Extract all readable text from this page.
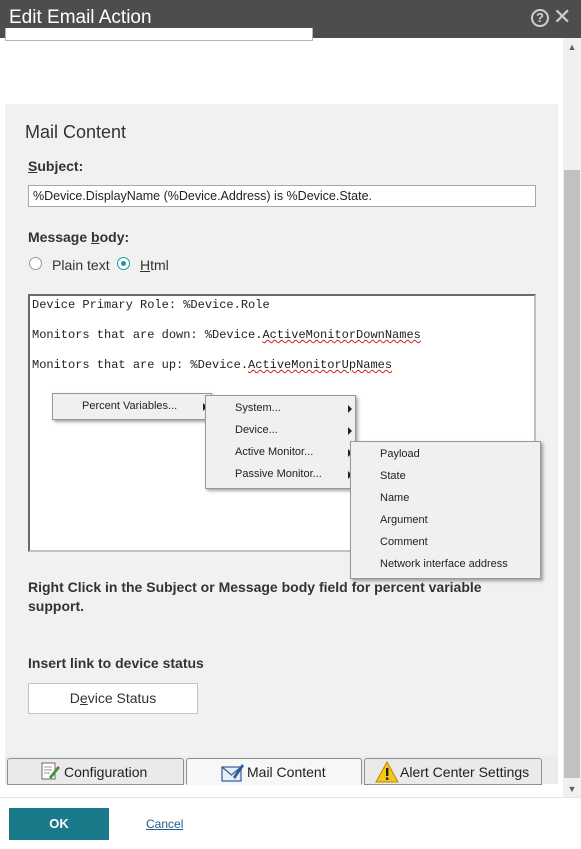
Edit Email Action	? ✕
▲
▼
Mail Content
Subject:
%Device.DisplayName (%Device.Address) is %Device.State.
Message body:
Plain text Html
Device Primary Role: %Device.Role
Monitors that are down: %Device.ActiveMonitorDownNames
Monitors that are up: %Device.ActiveMonitorUpNames
Percent Variables...	System...
Device...
Active Monitor...
Passive Monitor...
Payload
State
Name
Argument
Comment
Network interface address
Right Click in the Subject or Message body field for percent variable support.
Insert link to device status
Device Status
Configuration	Mail Content	Alert Center Settings
OK	Cancel
